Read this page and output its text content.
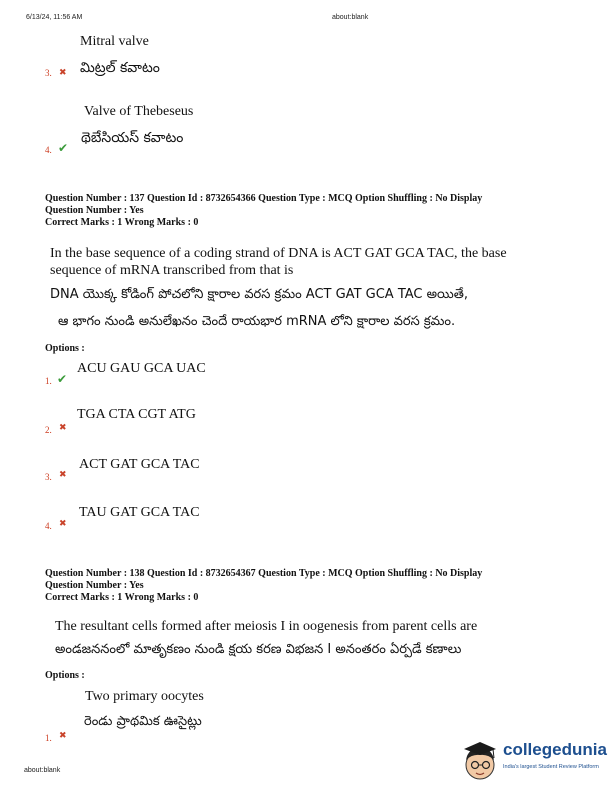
6/13/24, 11:56 AM	about:blank
Mitral valve
3. ✖ మిట్రల్ కవాటం
Valve of Thebeseus
4. ✔
థెబేసియస్ కవాటం
Question Number : 137 Question Id : 8732654366 Question Type : MCQ Option Shuffling : No Display
Question Number : Yes
Correct Marks : 1 Wrong Marks : 0
In the base sequence of a coding strand of DNA is ACT GAT GCA TAC, the base
sequence of mRNA transcribed from that is
DNA యొక్క కోడింగ్ పోచలోని క్షారాల వరస క్రమం ACT GAT GCA TAC అయితే,
ఆ భాగం నుండి అనులేఖనం చెందే రాయభార mRNA లోని క్షారాల వరస క్రమం.
Options :
1. ✔
ACU GAU GCA UAC
2. ✖
TGA CTA CGT ATG
3. ✖
ACT GAT GCA TAC
4. ✖
TAU GAT GCA TAC
Question Number : 138 Question Id : 8732654367 Question Type : MCQ Option Shuffling : No Display
Question Number : Yes
Correct Marks : 1 Wrong Marks : 0
The resultant cells formed after meiosis I in oogenesis from parent cells are
అండజననంలో మాతృకణం నుండి క్షయ కరణ విభజన I అనంతరం ఏర్పడే కణాలు
Options :
Two primary oocytes
రెండు ప్రాథమిక ఊసైట్లు
1. ✖
about:blank
collegedunia
India's largest Student Review Platform
